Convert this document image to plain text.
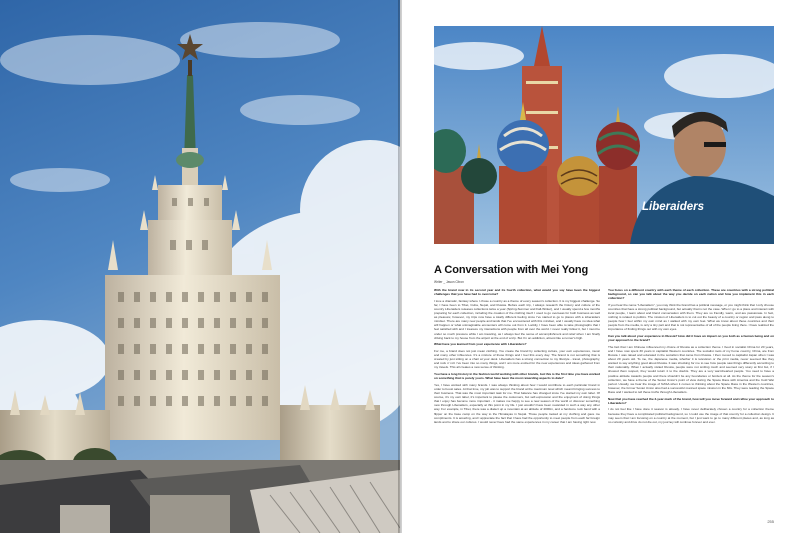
Liberaiders
A Conversation with Mei Yong
Writer _ Jason Citron

With the brand now in its second year and its fourth collection, what would you say have been the biggest challenges that you have had to overcome?

I love a dramatic, fantasy where I chose a country as a theme of every season's collection. It is my biggest challenge. So far, I have been to Tibet, Cuba, Nepal, and Russia. Before each trip, I always research the history and culture of the country Liberaiders releases collections twice a year (Spring-Summer and Fall-Winter), and I usually spend a few months preparing for each collection, including the creation of the clothing itself. I used to go overseas for both business as well as pleasure; however, my trips now have a totally different feeling since I've started to go to places with a Liberaiders mindset. There are many new people and lands that I've encountered with this mindset, and I usually have no idea what will happen or what unimaginable encounters will come out from it. Luckily, I have been able to take photographs that I feel satisfied with and I treasure my interactions with people from all over the world. I never really follow it, but I must be under so much pressure while I am traveling, as I always feel the sense of accomplishment and relief when I am finally driving back to my house from the airport at the end of a trip. But I'm an addiction, almost like a runner's high.

What have you learned from your experience with Liberaiders?

For me, a brand does not just mean clothing. You create the brand by collecting culture, your own experiences, music and many other influences. It's a mixture of those things and I feel this every day. The brand is not something that is created by just sitting on a chair at your desk. Liberaiders has a strong connection to my lifestyle - travel, photography, and rock n' roll. I've been into so many things, and I am more excited for the new experiences and ideas gathered from my travels. This all creates a new sense of thinking.

You have a long history in the fashion world working with other brands, but this is the first time you have worked on something that is purely yours. What have been the most rewarding aspects to date?

Yes, I have worked with many brands. I was always thinking about how I would contribute to each particular brand in order to boost sales. At that time, my job was to support the brand at the maximum level which meant bringing success to their business. That was the most important task for me. That balance has changed since I've started my own label. Of course, it's my own label, it's important to please the customers, but self-expression and the enjoyment of doing things that I enjoy has become more important - it makes me happy to see a new season of the world or discover something new through Liberaiders, especially at this point in my life. I just wouldn't have been rewarded in such a way any other way. For example, in Tibet, there was a dialect up a mountain at an altitude of 4000m, and a hardcore rock band with a flipper on the base camp on the way to the Himalayas in Nepal. Those people looked at my clothing and gave me compliments. It is amazing, and I appreciate the fact that I have had the opportunity to meet people from each far foreign lands and to share our cultures. I would never have had the same experiences in my career that I am having right now.

You focus on a different country with each theme of each collection. These are countries with a strong political background, so can you talk about the way you decide on each nation and how you implement this in each collection?

If you hear the name "Liberaiders", you may think the brand has a political message, or you might think that I only choose countries that have a strong political background, but actually that is not the case. When I go to a place and interact with local people, I learn about and blend conversation with them. They are so friendly, warm, and are passionate. In fact, nothing is related to politics. The mission of Liberaiders is to cut out the beauty of a country or region and pass along to people how I feel within my own mind as I walked with my own feet. What we know about these countries and their people from the media, is only a tiny part and that is not representative of all of the people living there. I have realized the importance of finding things out with my own eyes.

Can you talk about your experience in Russia? How did it have an impact on you both as a human being and on your approach to the brand?

The fact that I am Chinese influenced my choice of Russia as a collection theme. I lived in socialist China for 20 years, and I have now spent 30 years in capitalist Western countries. The socialist roots of my home country, China, are from Russia. I was raised and educated in the socialism that came from Russia. I then moved to capitalist Japan when I was about 20 years old. To me, the Japanese media, whether it is television or the print media, never seemed like they wanted to say anything good about Russia. It was shocking for me to see how people saw things differently according to their nationality. When I actually visited Russia, people were not smiling much and seemed very scary at first but, if I showed them respect, they would return it to the doubts. They are a very warmhearted people. You need to have a positive attitude towards people and there shouldn't be any boundaries or borders at all. As the theme for the season's collection, we have a theme of the Soviet Union's point of view during the Space Race with America and the Cold War period. Usually, we hear the image of NASA when it comes to thinking about the Space Race in the Western countries, however, the former Soviet Union also had a successful manned space mission in the 60s. They were leading the Space Race and I wanted to tell these truths through Liberaiders.

Now that you have reached the 2-year mark of the brand, how will you move forward and refine your approach to Liberaiders?

I do not feel like I have done it season is already. I have never deliberately chosen a country for a collection theme because they have a complicated political background, so I could use the image of that country for a collection design. It may seem that I am focusing on a country at the moment, but I just want to go to many different places and, as long as no curiosity and drive do not die out, my journey will continue forever and ever.

255
